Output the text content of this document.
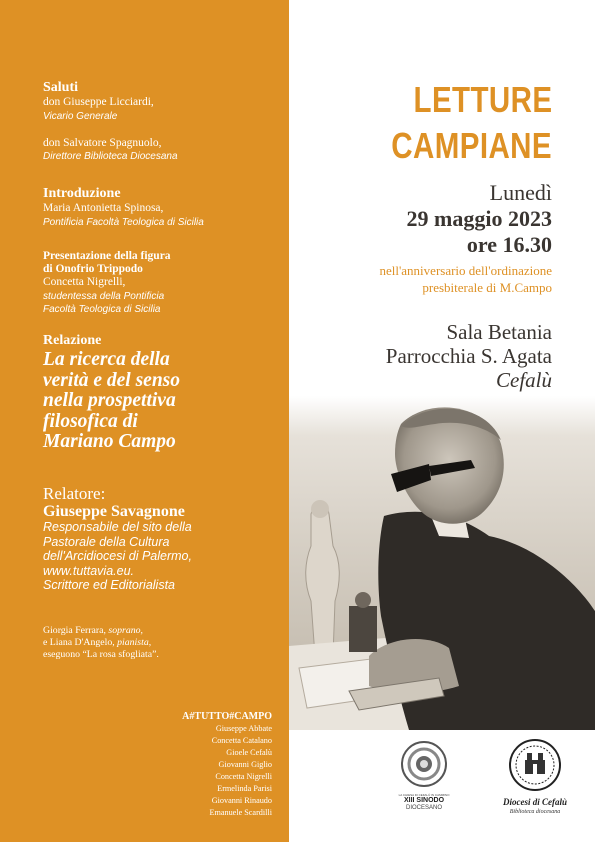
Saluti
don Giuseppe Licciardi,
Vicario Generale
don Salvatore Spagnuolo,
Direttore Biblioteca Diocesana
Introduzione
Maria Antonietta Spinosa,
Pontificia Facoltà Teologica di Sicilia
Presentazione della figura
di Onofrio Trippodo
Concetta Nigrelli,
studentessa della Pontificia
Facoltà Teologica di Sicilia
Relazione
La ricerca della
verità e del senso
nella prospettiva
filosofica di
Mariano Campo
Relatore:
Giuseppe Savagnone
Responsabile del sito della
Pastorale della Cultura
dell'Arcidiocesi di Palermo,
www.tuttavia.eu.
Scrittore ed Editorialista
Giorgia Ferrara, soprano,
e Liana D'Angelo, pianista,
eseguono “La rosa sfogliata”.
A#TUTTO#CAMPO
Giuseppe Abbate
Concetta Catalano
Gioele Cefalù
Giovanni Giglio
Concetta Nigrelli
Ermelinda Parisi
Giovanni Rinaudo
Emanuele Scardilli
LETTURE
CAMPIANE
Lunedì
29 maggio 2023
ore 16.30
nell'anniversario dell'ordinazione
presbiterale di M.Campo
Sala Betania
Parrocchia S. Agata
Cefalù
LA CHIESA DI CEFALÙ IN CAMMINO
XIII SINODO
DIOCESANO
Diocesi di Cefalù
Biblioteca diocesana
